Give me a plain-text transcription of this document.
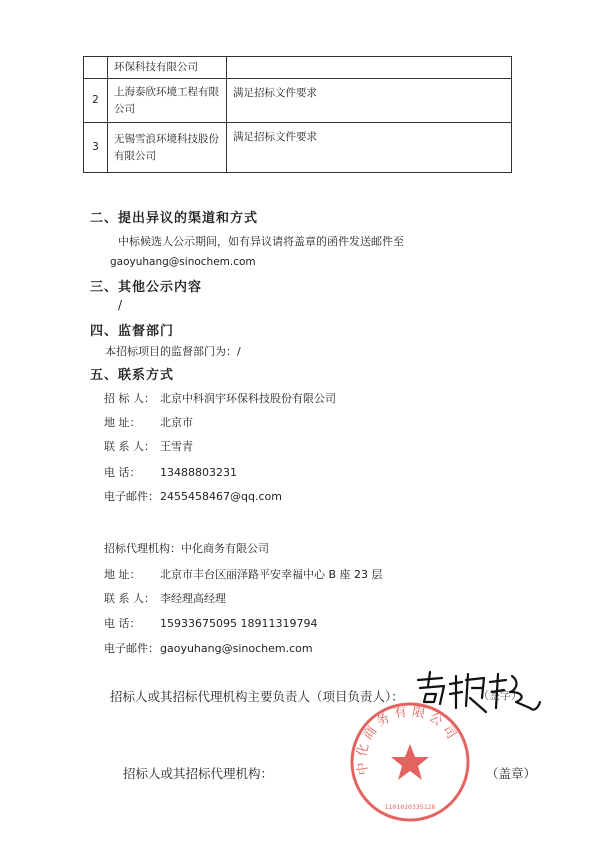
	环保科技有限公司	
2	上海泰欣环境工程有限公司	满足招标文件要求
3	无锡雪浪环境科技股份有限公司	满足招标文件要求
二、提出异议的渠道和方式
中标候选人公示期间，如有异议请将盖章的函件发送邮件至
gaoyuhang@sinochem.com
三、其他公示内容
/
四、监督部门
本招标项目的监督部门为：/
五、联系方式
招 标 人： 北京中科润宇环保科技股份有限公司
地 址： 北京市
联 系 人： 王雪青
电 话： 13488803231
电子邮件：2455458467@qq.com
招标代理机构：中化商务有限公司
地 址： 北京市丰台区丽泽路平安幸福中心 B 座 23 层
联 系 人： 李经理高经理
电 话： 15933675095 18911319794
电子邮件：gaoyuhang@sinochem.com
招标人或其招标代理机构主要负责人（项目负责人）：	（签字）
招标人或其招标代理机构：	（盖章）
中化商务有限公司
1101020335126
